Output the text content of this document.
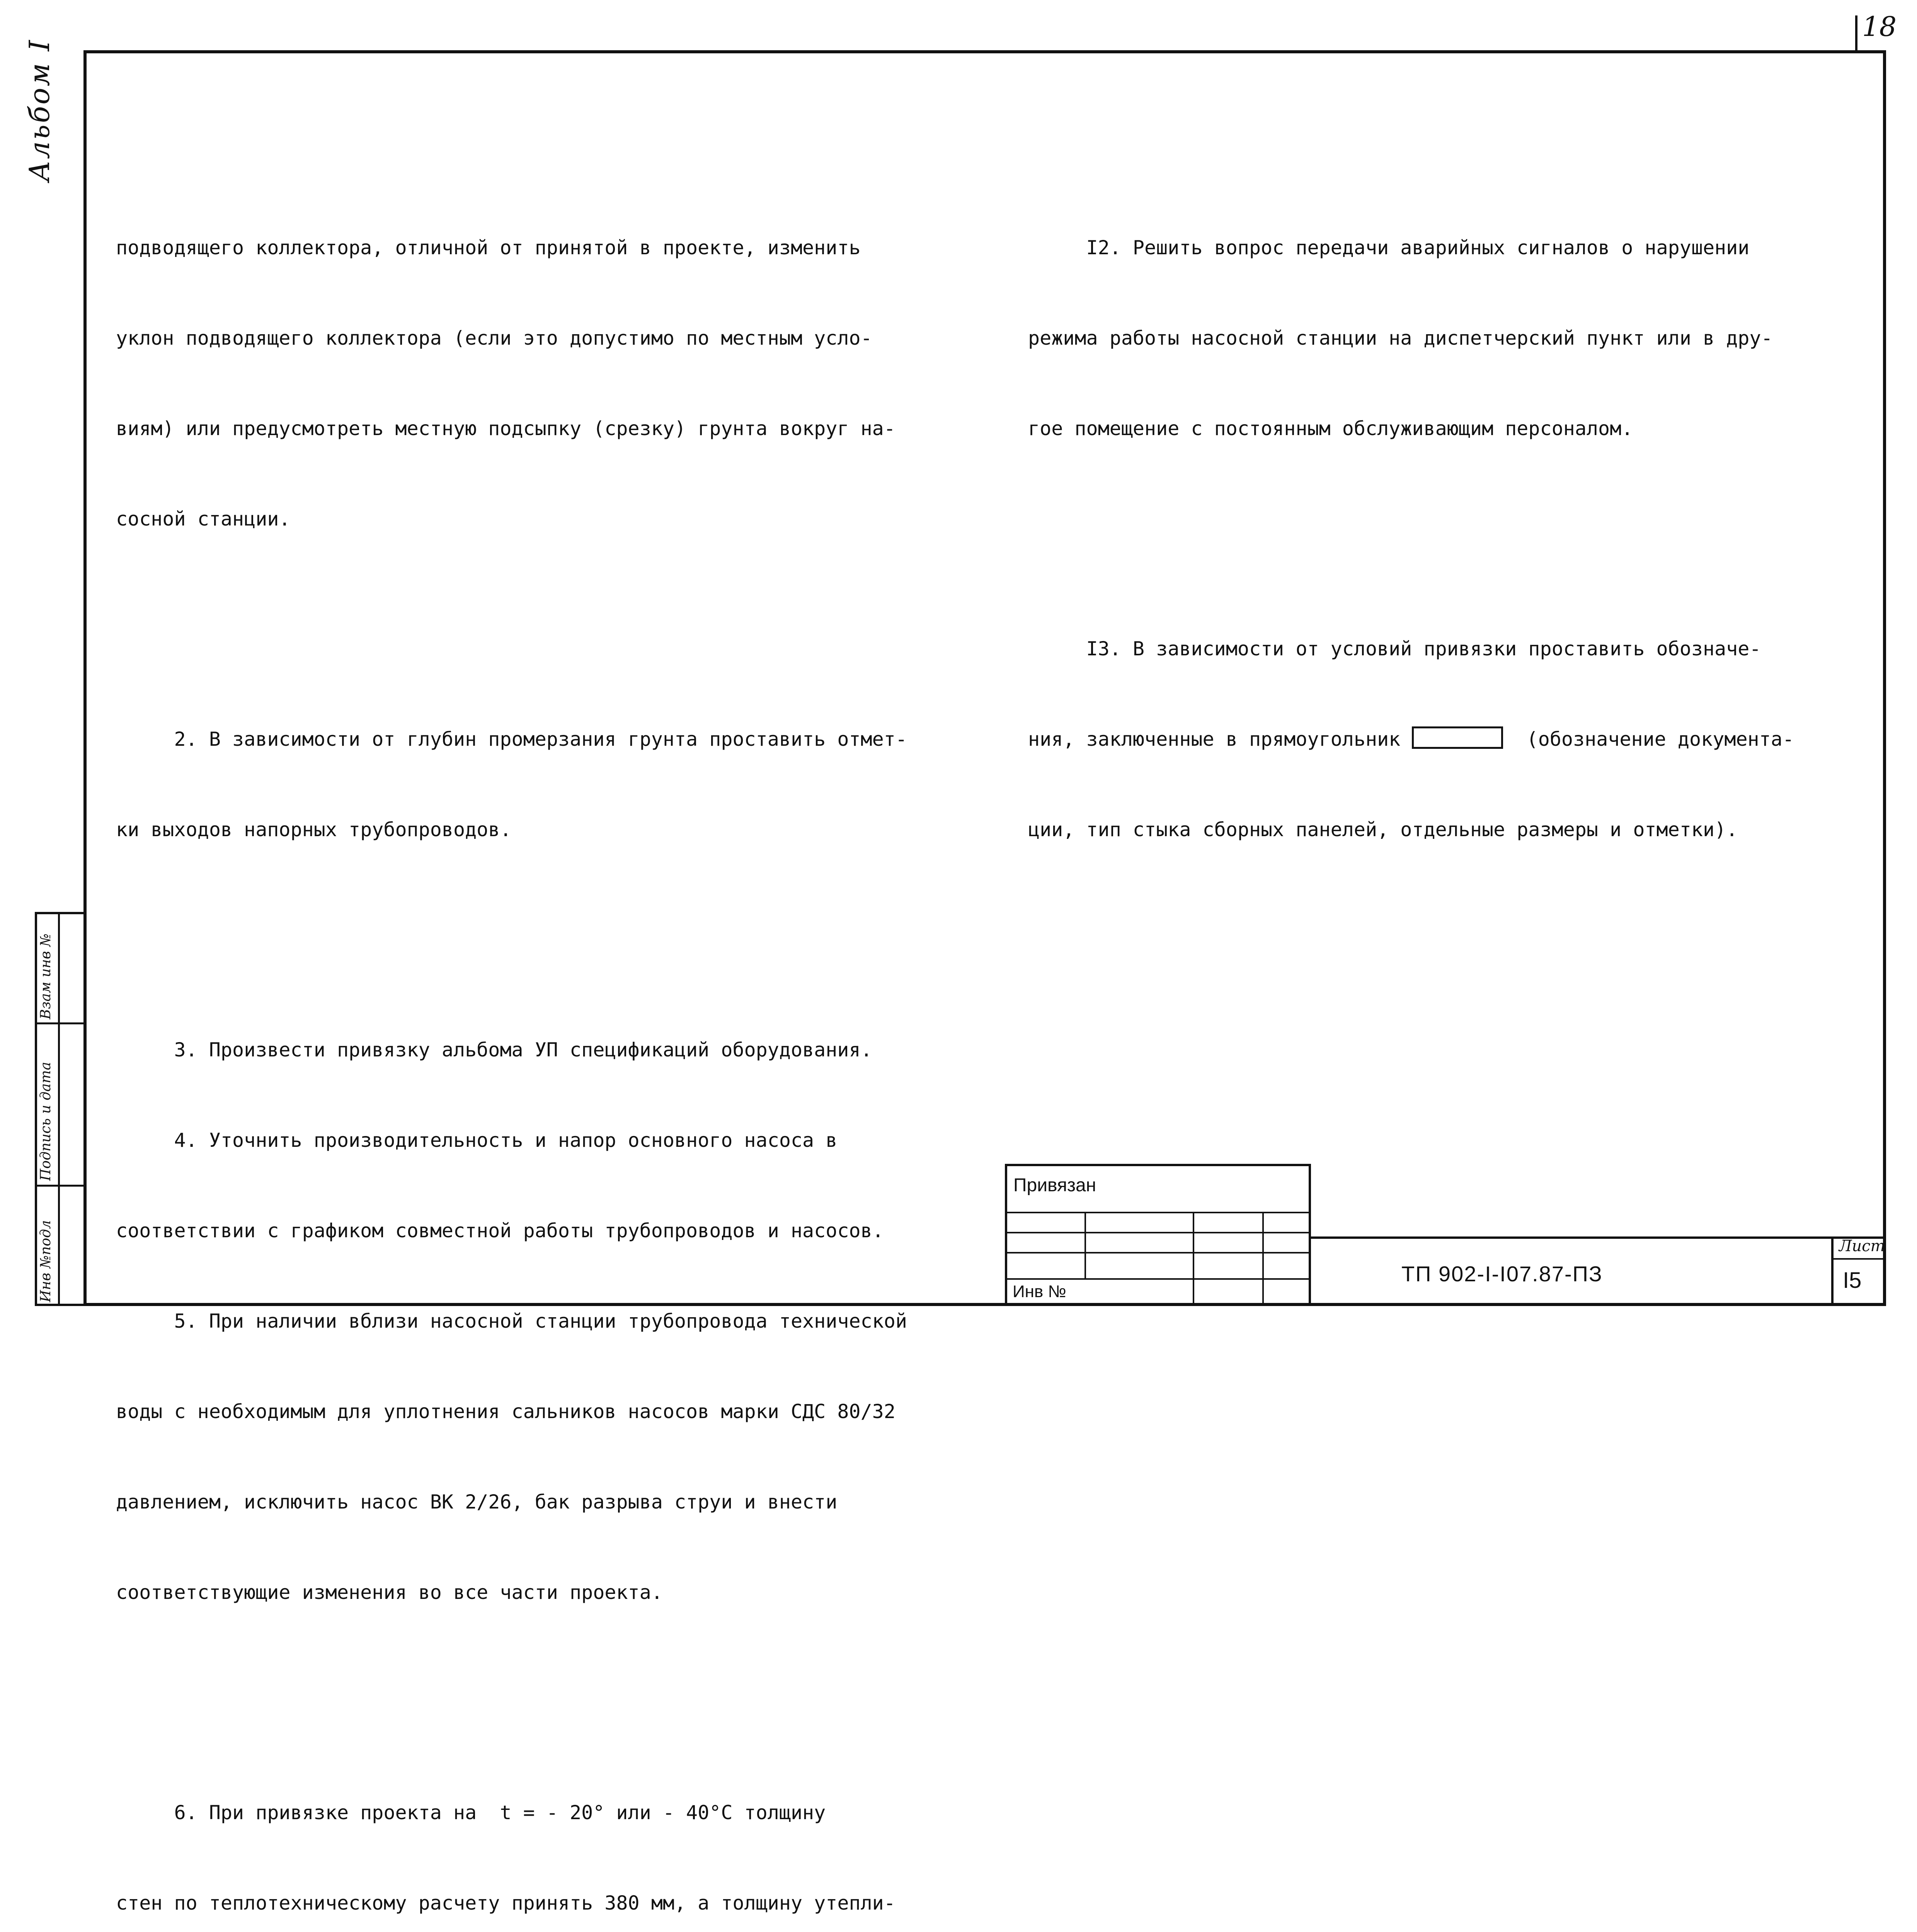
18
Альбом I
Взам инв №
Подпись и дата
Инв №подл

подводящего коллектора, отличной от принятой в проекте, изменить

уклон подводящего коллектора (если это допустимо по местным усло-

виям) или предусмотреть местную подсыпку (срезку) грунта вокруг на-

сосной станции.

2. В зависимости от глубин промерзания грунта проставить отмет-

ки выходов напорных трубопроводов.

3. Произвести привязку альбома УП спецификаций оборудования.

4. Уточнить производительность и напор основного насоса в

соответствии с графиком совместной работы трубопроводов и насосов.

5. При наличии вблизи насосной станции трубопровода технической

воды с необходимым для уплотнения сальников насосов марки СДС 80/32

давлением, исключить насос ВК 2/26, бак разрыва струи и внести

соответствующие изменения во все части проекта.

6. При привязке проекта на  t = - 20° или - 40°С толщину

стен по теплотехническому расчету принять 380 мм, а толщину утепли-

I2. Решить вопрос передачи аварийных сигналов о нарушении

режима работы насосной станции на диспетчерский пункт или в дру-

гое помещение с постоянным обслуживающим персоналом.

I3. В зависимости от условий привязки проставить обозначе-

ния, заключенные в прямоугольник	(обозначение документа-

ции, тип стыка сборных панелей, отдельные размеры и отметки).

Привязан
Инв №
ТП 902-I-I07.87-ПЗ
Лист
I5
